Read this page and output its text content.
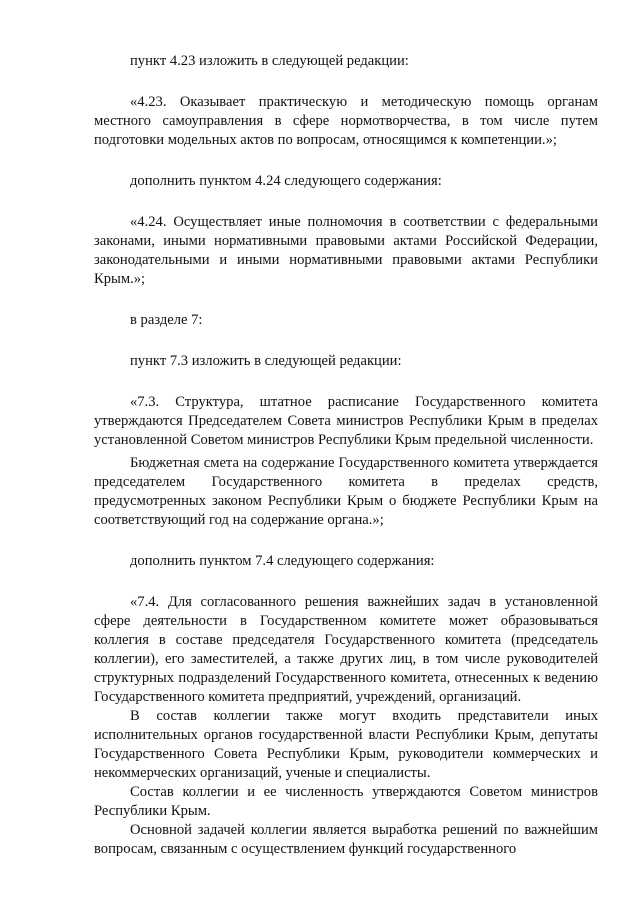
пункт 4.23 изложить в следующей редакции:

«4.23. Оказывает практическую и методическую помощь органам местного самоуправления в сфере нормотворчества, в том числе путем подготовки модельных актов по вопросам, относящимся к компетенции.»;

дополнить пунктом 4.24 следующего содержания:

«4.24. Осуществляет иные полномочия в соответствии с федеральными законами, иными нормативными правовыми актами Российской Федерации, законодательными и иными нормативными правовыми актами Республики Крым.»;

в разделе 7:

пункт 7.3 изложить в следующей редакции:

«7.3. Структура, штатное расписание Государственного комитета утверждаются Председателем Совета министров Республики Крым в пределах установленной Советом министров Республики Крым предельной численности.

Бюджетная смета на содержание Государственного комитета утверждается председателем Государственного комитета в пределах средств, предусмотренных законом Республики Крым о бюджете Республики Крым на соответствующий год на содержание органа.»;

дополнить пунктом 7.4 следующего содержания:

«7.4. Для согласованного решения важнейших задач в установленной сфере деятельности в Государственном комитете может образовываться коллегия в составе председателя Государственного комитета (председатель коллегии), его заместителей, а также других лиц, в том числе руководителей структурных подразделений Государственного комитета, отнесенных к ведению Государственного комитета предприятий, учреждений, организаций.

В состав коллегии также могут входить представители иных исполнительных органов государственной власти Республики Крым, депутаты Государственного Совета Республики Крым, руководители коммерческих и некоммерческих организаций, ученые и специалисты.

Состав коллегии и ее численность утверждаются Советом министров Республики Крым.

Основной задачей коллегии является выработка решений по важнейшим вопросам, связанным с осуществлением функций государственного
